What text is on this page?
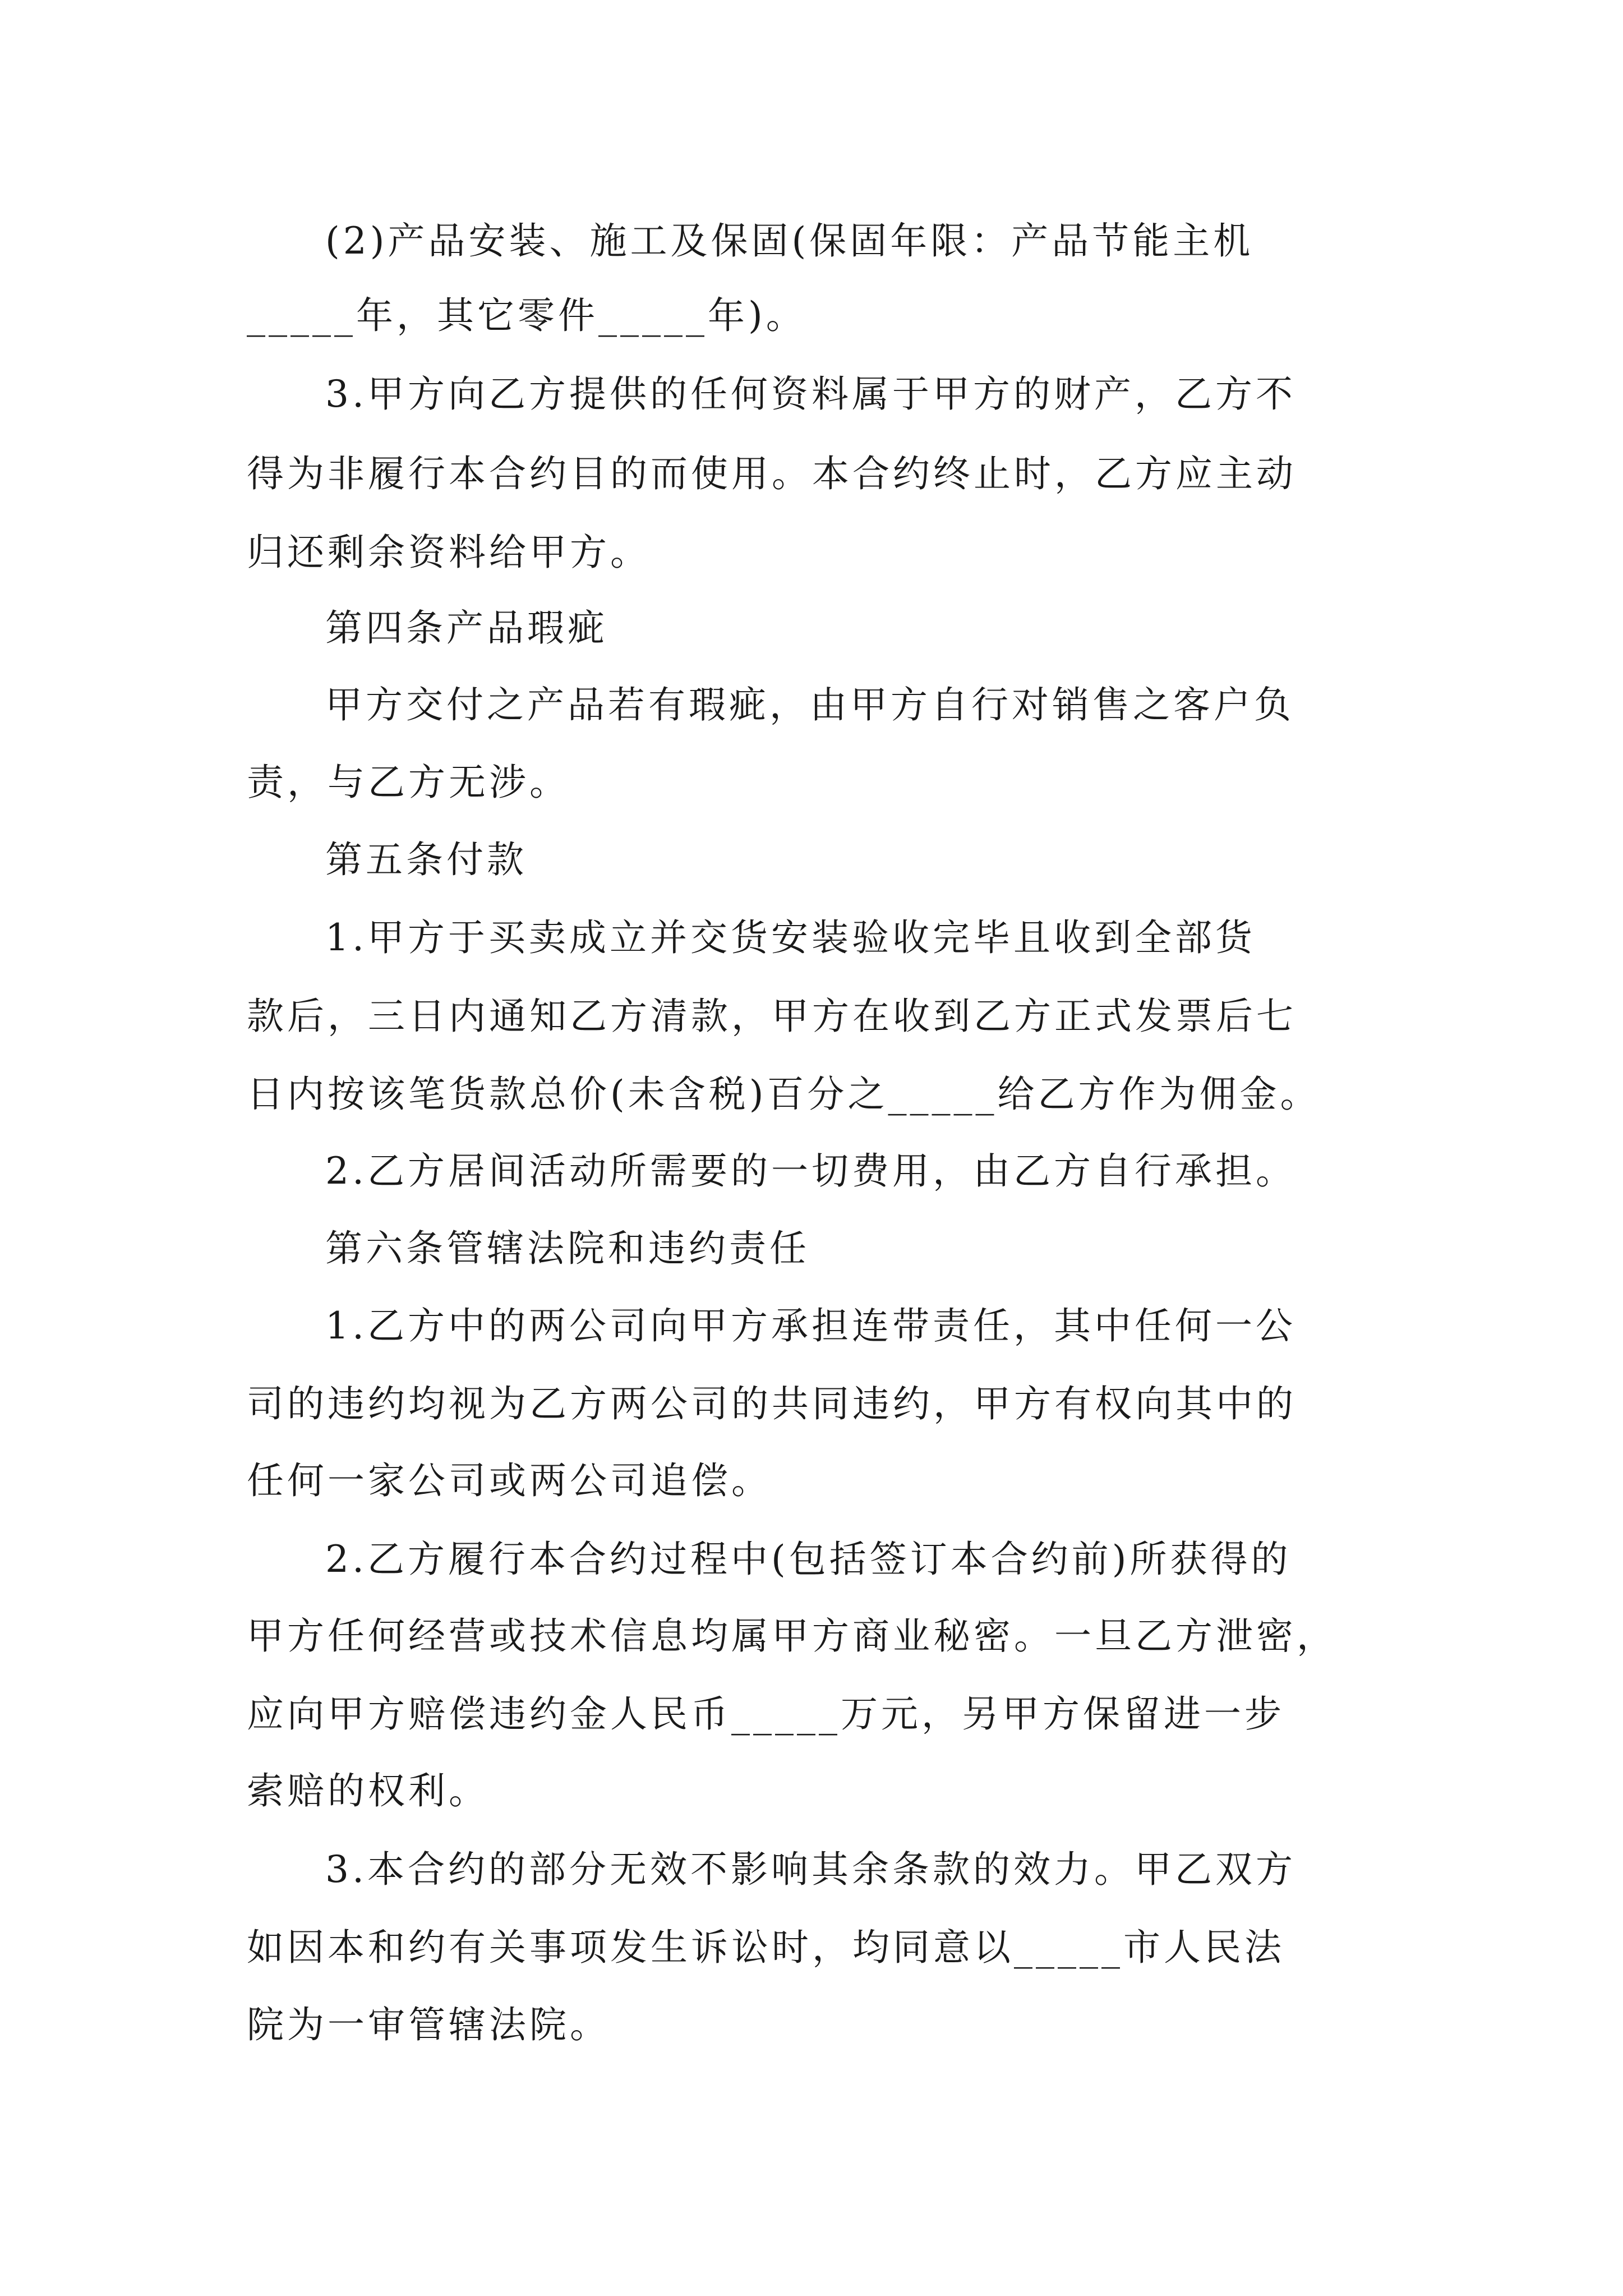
(2)产品安装、施工及保固(保固年限：产品节能主机

_____年，其它零件_____年)。

3.甲方向乙方提供的任何资料属于甲方的财产，乙方不

得为非履行本合约目的而使用。本合约终止时，乙方应主动

归还剩余资料给甲方。

第四条产品瑕疵

甲方交付之产品若有瑕疵，由甲方自行对销售之客户负

责，与乙方无涉。

第五条付款

1.甲方于买卖成立并交货安装验收完毕且收到全部货

款后，三日内通知乙方清款，甲方在收到乙方正式发票后七

日内按该笔货款总价(未含税)百分之_____给乙方作为佣金。

2.乙方居间活动所需要的一切费用，由乙方自行承担。

第六条管辖法院和违约责任

1.乙方中的两公司向甲方承担连带责任，其中任何一公

司的违约均视为乙方两公司的共同违约，甲方有权向其中的

任何一家公司或两公司追偿。

2.乙方履行本合约过程中(包括签订本合约前)所获得的

甲方任何经营或技术信息均属甲方商业秘密。一旦乙方泄密，

应向甲方赔偿违约金人民币_____万元，另甲方保留进一步

索赔的权利。

3.本合约的部分无效不影响其余条款的效力。甲乙双方

如因本和约有关事项发生诉讼时，均同意以_____市人民法

院为一审管辖法院。
